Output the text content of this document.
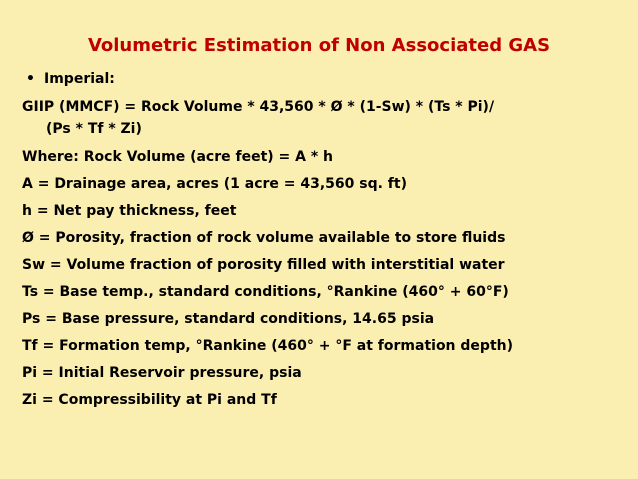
Volumetric Estimation of Non Associated GAS
• Imperial:
GIIP (MMCF) = Rock Volume * 43,560 * Ø * (1-Sw) * (Ts * Pi)/
(Ps * Tf * Zi)
Where: Rock Volume (acre feet) = A * h
A = Drainage area, acres (1 acre = 43,560 sq. ft)
h = Net pay thickness, feet
Ø = Porosity, fraction of rock volume available to store fluids
Sw = Volume fraction of porosity filled with interstitial water
Ts = Base temp., standard conditions, °Rankine (460° + 60°F)
Ps = Base pressure, standard conditions, 14.65 psia
Tf = Formation temp, °Rankine (460° + °F at formation depth)
Pi = Initial Reservoir pressure, psia
Zi = Compressibility at Pi and Tf
